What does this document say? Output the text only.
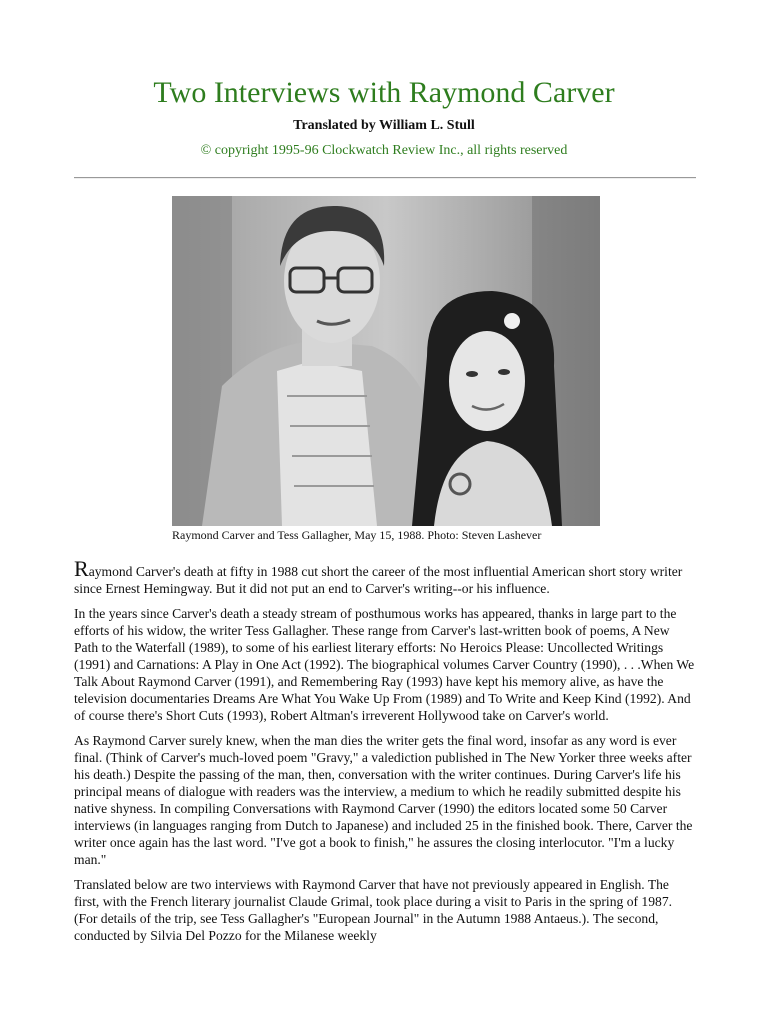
Two Interviews with Raymond Carver
Translated by William L. Stull
© copyright 1995-96 Clockwatch Review Inc., all rights reserved
Raymond Carver and Tess Gallagher, May 15, 1988. Photo: Steven Lashever

Raymond Carver's death at fifty in 1988 cut short the career of the most influential American short story writer since Ernest Hemingway. But it did not put an end to Carver's writing--or his influence.

In the years since Carver's death a steady stream of posthumous works has appeared, thanks in large part to the efforts of his widow, the writer Tess Gallagher. These range from Carver's last-written book of poems, A New Path to the Waterfall (1989), to some of his earliest literary efforts: No Heroics Please: Uncollected Writings (1991) and Carnations: A Play in One Act (1992). The biographical volumes Carver Country (1990), . . .When We Talk About Raymond Carver (1991), and Remembering Ray (1993) have kept his memory alive, as have the television documentaries Dreams Are What You Wake Up From (1989) and To Write and Keep Kind (1992). And of course there's Short Cuts (1993), Robert Altman's irreverent Hollywood take on Carver's world.

As Raymond Carver surely knew, when the man dies the writer gets the final word, insofar as any word is ever final. (Think of Carver's much-loved poem "Gravy," a valediction published in The New Yorker three weeks after his death.) Despite the passing of the man, then, conversation with the writer continues. During Carver's life his principal means of dialogue with readers was the interview, a medium to which he readily submitted despite his native shyness. In compiling Conversations with Raymond Carver (1990) the editors located some 50 Carver interviews (in languages ranging from Dutch to Japanese) and included 25 in the finished book. There, Carver the writer once again has the last word. "I've got a book to finish," he assures the closing interlocutor. "I'm a lucky man."

Translated below are two interviews with Raymond Carver that have not previously appeared in English. The first, with the French literary journalist Claude Grimal, took place during a visit to Paris in the spring of 1987. (For details of the trip, see Tess Gallagher's "European Journal" in the Autumn 1988 Antaeus.). The second, conducted by Silvia Del Pozzo for the Milanese weekly
